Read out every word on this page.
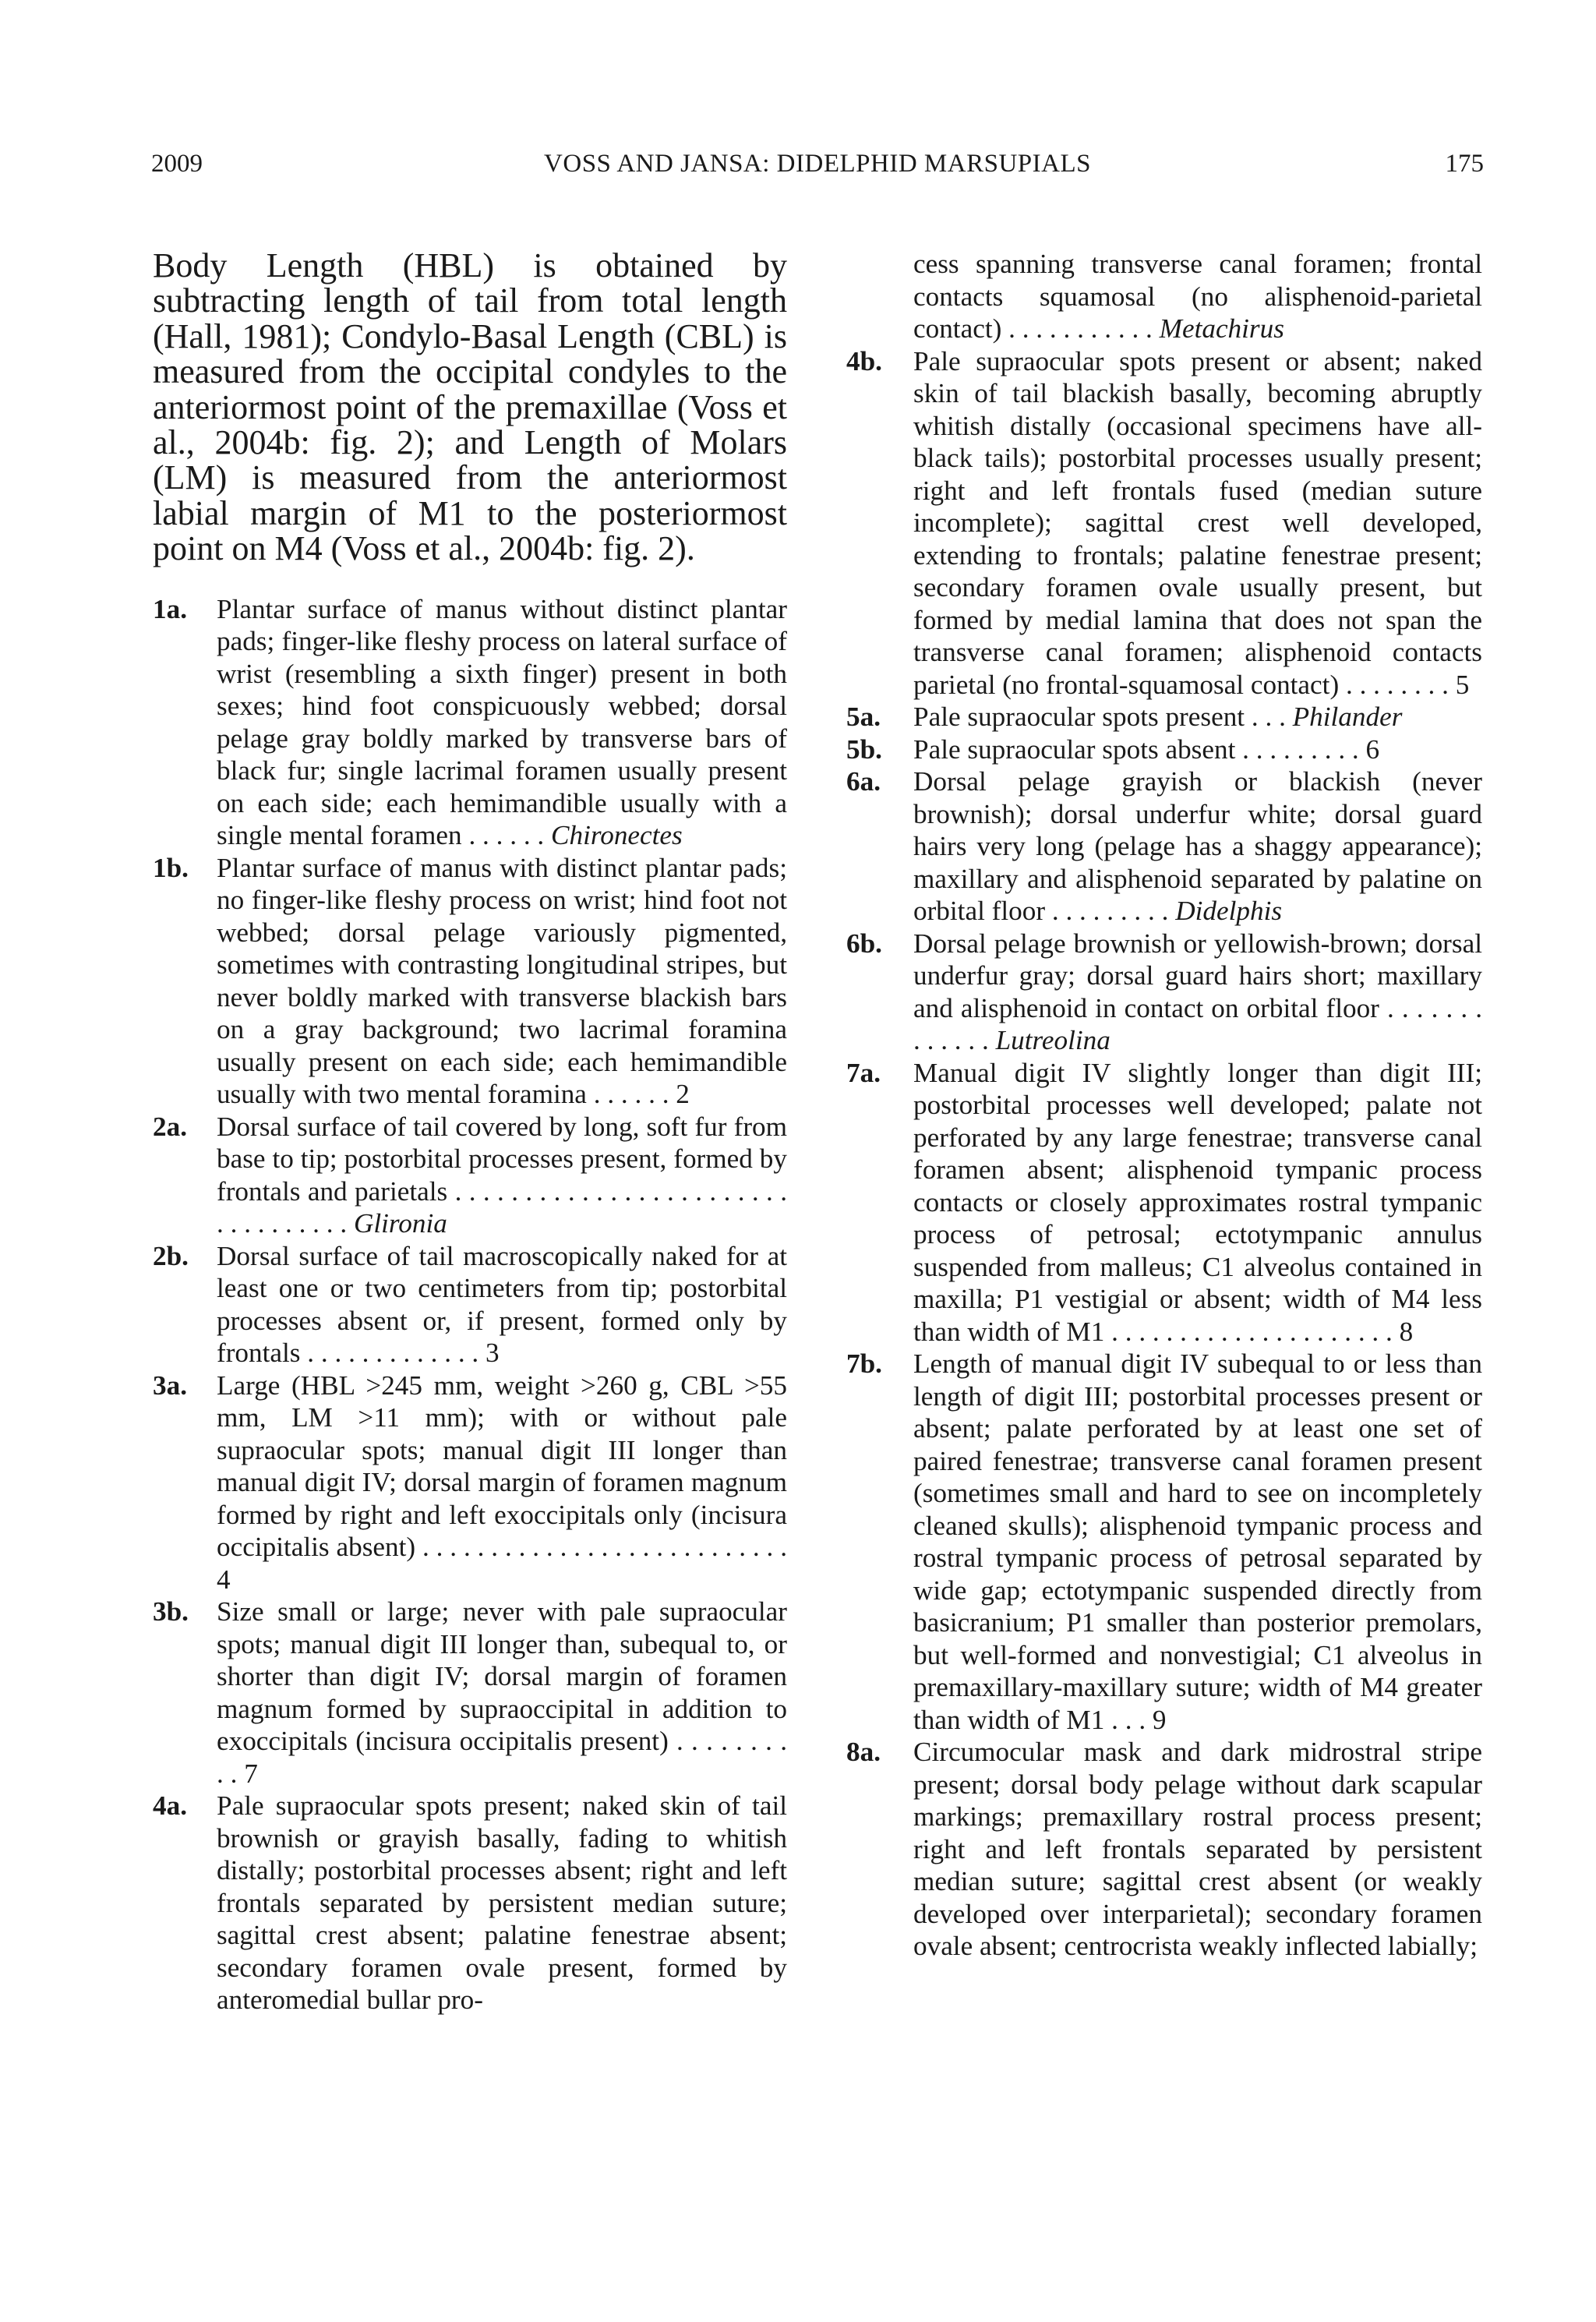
2009	VOSS AND JANSA: DIDELPHID MARSUPIALS	175

Body Length (HBL) is obtained by subtracting length of tail from total length (Hall, 1981); Condylo-Basal Length (CBL) is measured from the occipital condyles to the anteriormost point of the premaxillae (Voss et al., 2004b: fig. 2); and Length of Molars (LM) is measured from the anteriormost labial margin of M1 to the posteriormost point on M4 (Voss et al., 2004b: fig. 2).

1a. Plantar surface of manus without distinct plantar pads; finger-like fleshy process on lateral surface of wrist (resembling a sixth finger) present in both sexes; hind foot conspicuously webbed; dorsal pelage gray boldly marked by transverse bars of black fur; single lacrimal foramen usually present on each side; each hemimandible usually with a single mental foramen . . . . . . Chironectes
1b. Plantar surface of manus with distinct plantar pads; no finger-like fleshy process on wrist; hind foot not webbed; dorsal pelage variously pigmented, sometimes with contrasting longitudinal stripes, but never boldly marked with transverse blackish bars on a gray background; two lacrimal foramina usually present on each side; each hemimandible usually with two mental foramina . . . . . . 2
2a. Dorsal surface of tail covered by long, soft fur from base to tip; postorbital processes present, formed by frontals and parietals . . . . . . . . . . . . . . . . . . . . . . . . . . . . . . . . . . Glironia
2b. Dorsal surface of tail macroscopically naked for at least one or two centimeters from tip; postorbital processes absent or, if present, formed only by frontals . . . . . . . . . . . . . 3
3a. Large (HBL >245 mm, weight >260 g, CBL >55 mm, LM >11 mm); with or without pale supraocular spots; manual digit III longer than manual digit IV; dorsal margin of foramen magnum formed by right and left exoccipitals only (incisura occipitalis absent) . . . . . . . . . . . . . . . . . . . . . . . . . . . 4
3b. Size small or large; never with pale supraocular spots; manual digit III longer than, subequal to, or shorter than digit IV; dorsal margin of foramen magnum formed by supraoccipital in addition to exoccipitals (incisura occipitalis present) . . . . . . . . . . 7
4a. Pale supraocular spots present; naked skin of tail brownish or grayish basally, fading to whitish distally; postorbital processes absent; right and left frontals separated by persistent median suture; sagittal crest absent; palatine fenestrae absent; secondary foramen ovale present, formed by anteromedial bullar pro-
cess spanning transverse canal foramen; frontal contacts squamosal (no alisphenoid-parietal contact) . . . . . . . . . . . Metachirus
4b. Pale supraocular spots present or absent; naked skin of tail blackish basally, becoming abruptly whitish distally (occasional specimens have all-black tails); postorbital processes usually present; right and left frontals fused (median suture incomplete); sagittal crest well developed, extending to frontals; palatine fenestrae present; secondary foramen ovale usually present, but formed by medial lamina that does not span the transverse canal foramen; alisphenoid contacts parietal (no frontal-squamosal contact) . . . . . . . . 5
5a. Pale supraocular spots present . . . Philander
5b. Pale supraocular spots absent . . . . . . . . . 6
6a. Dorsal pelage grayish or blackish (never brownish); dorsal underfur white; dorsal guard hairs very long (pelage has a shaggy appearance); maxillary and alisphenoid separated by palatine on orbital floor . . . . . . . . . Didelphis
6b. Dorsal pelage brownish or yellowish-brown; dorsal underfur gray; dorsal guard hairs short; maxillary and alisphenoid in contact on orbital floor . . . . . . . . . . . . . Lutreolina
7a. Manual digit IV slightly longer than digit III; postorbital processes well developed; palate not perforated by any large fenestrae; transverse canal foramen absent; alisphenoid tympanic process contacts or closely approximates rostral tympanic process of petrosal; ectotympanic annulus suspended from malleus; C1 alveolus contained in maxilla; P1 vestigial or absent; width of M4 less than width of M1 . . . . . . . . . . . . . . . . . . . . . 8
7b. Length of manual digit IV subequal to or less than length of digit III; postorbital processes present or absent; palate perforated by at least one set of paired fenestrae; transverse canal foramen present (sometimes small and hard to see on incompletely cleaned skulls); alisphenoid tympanic process and rostral tympanic process of petrosal separated by wide gap; ectotympanic suspended directly from basicranium; P1 smaller than posterior premolars, but well-formed and nonvestigial; C1 alveolus in premaxillary-maxillary suture; width of M4 greater than width of M1 . . . 9
8a. Circumocular mask and dark midrostral stripe present; dorsal body pelage without dark scapular markings; premaxillary rostral process present; right and left frontals separated by persistent median suture; sagittal crest absent (or weakly developed over interparietal); secondary foramen ovale absent; centrocrista weakly inflected labially;
